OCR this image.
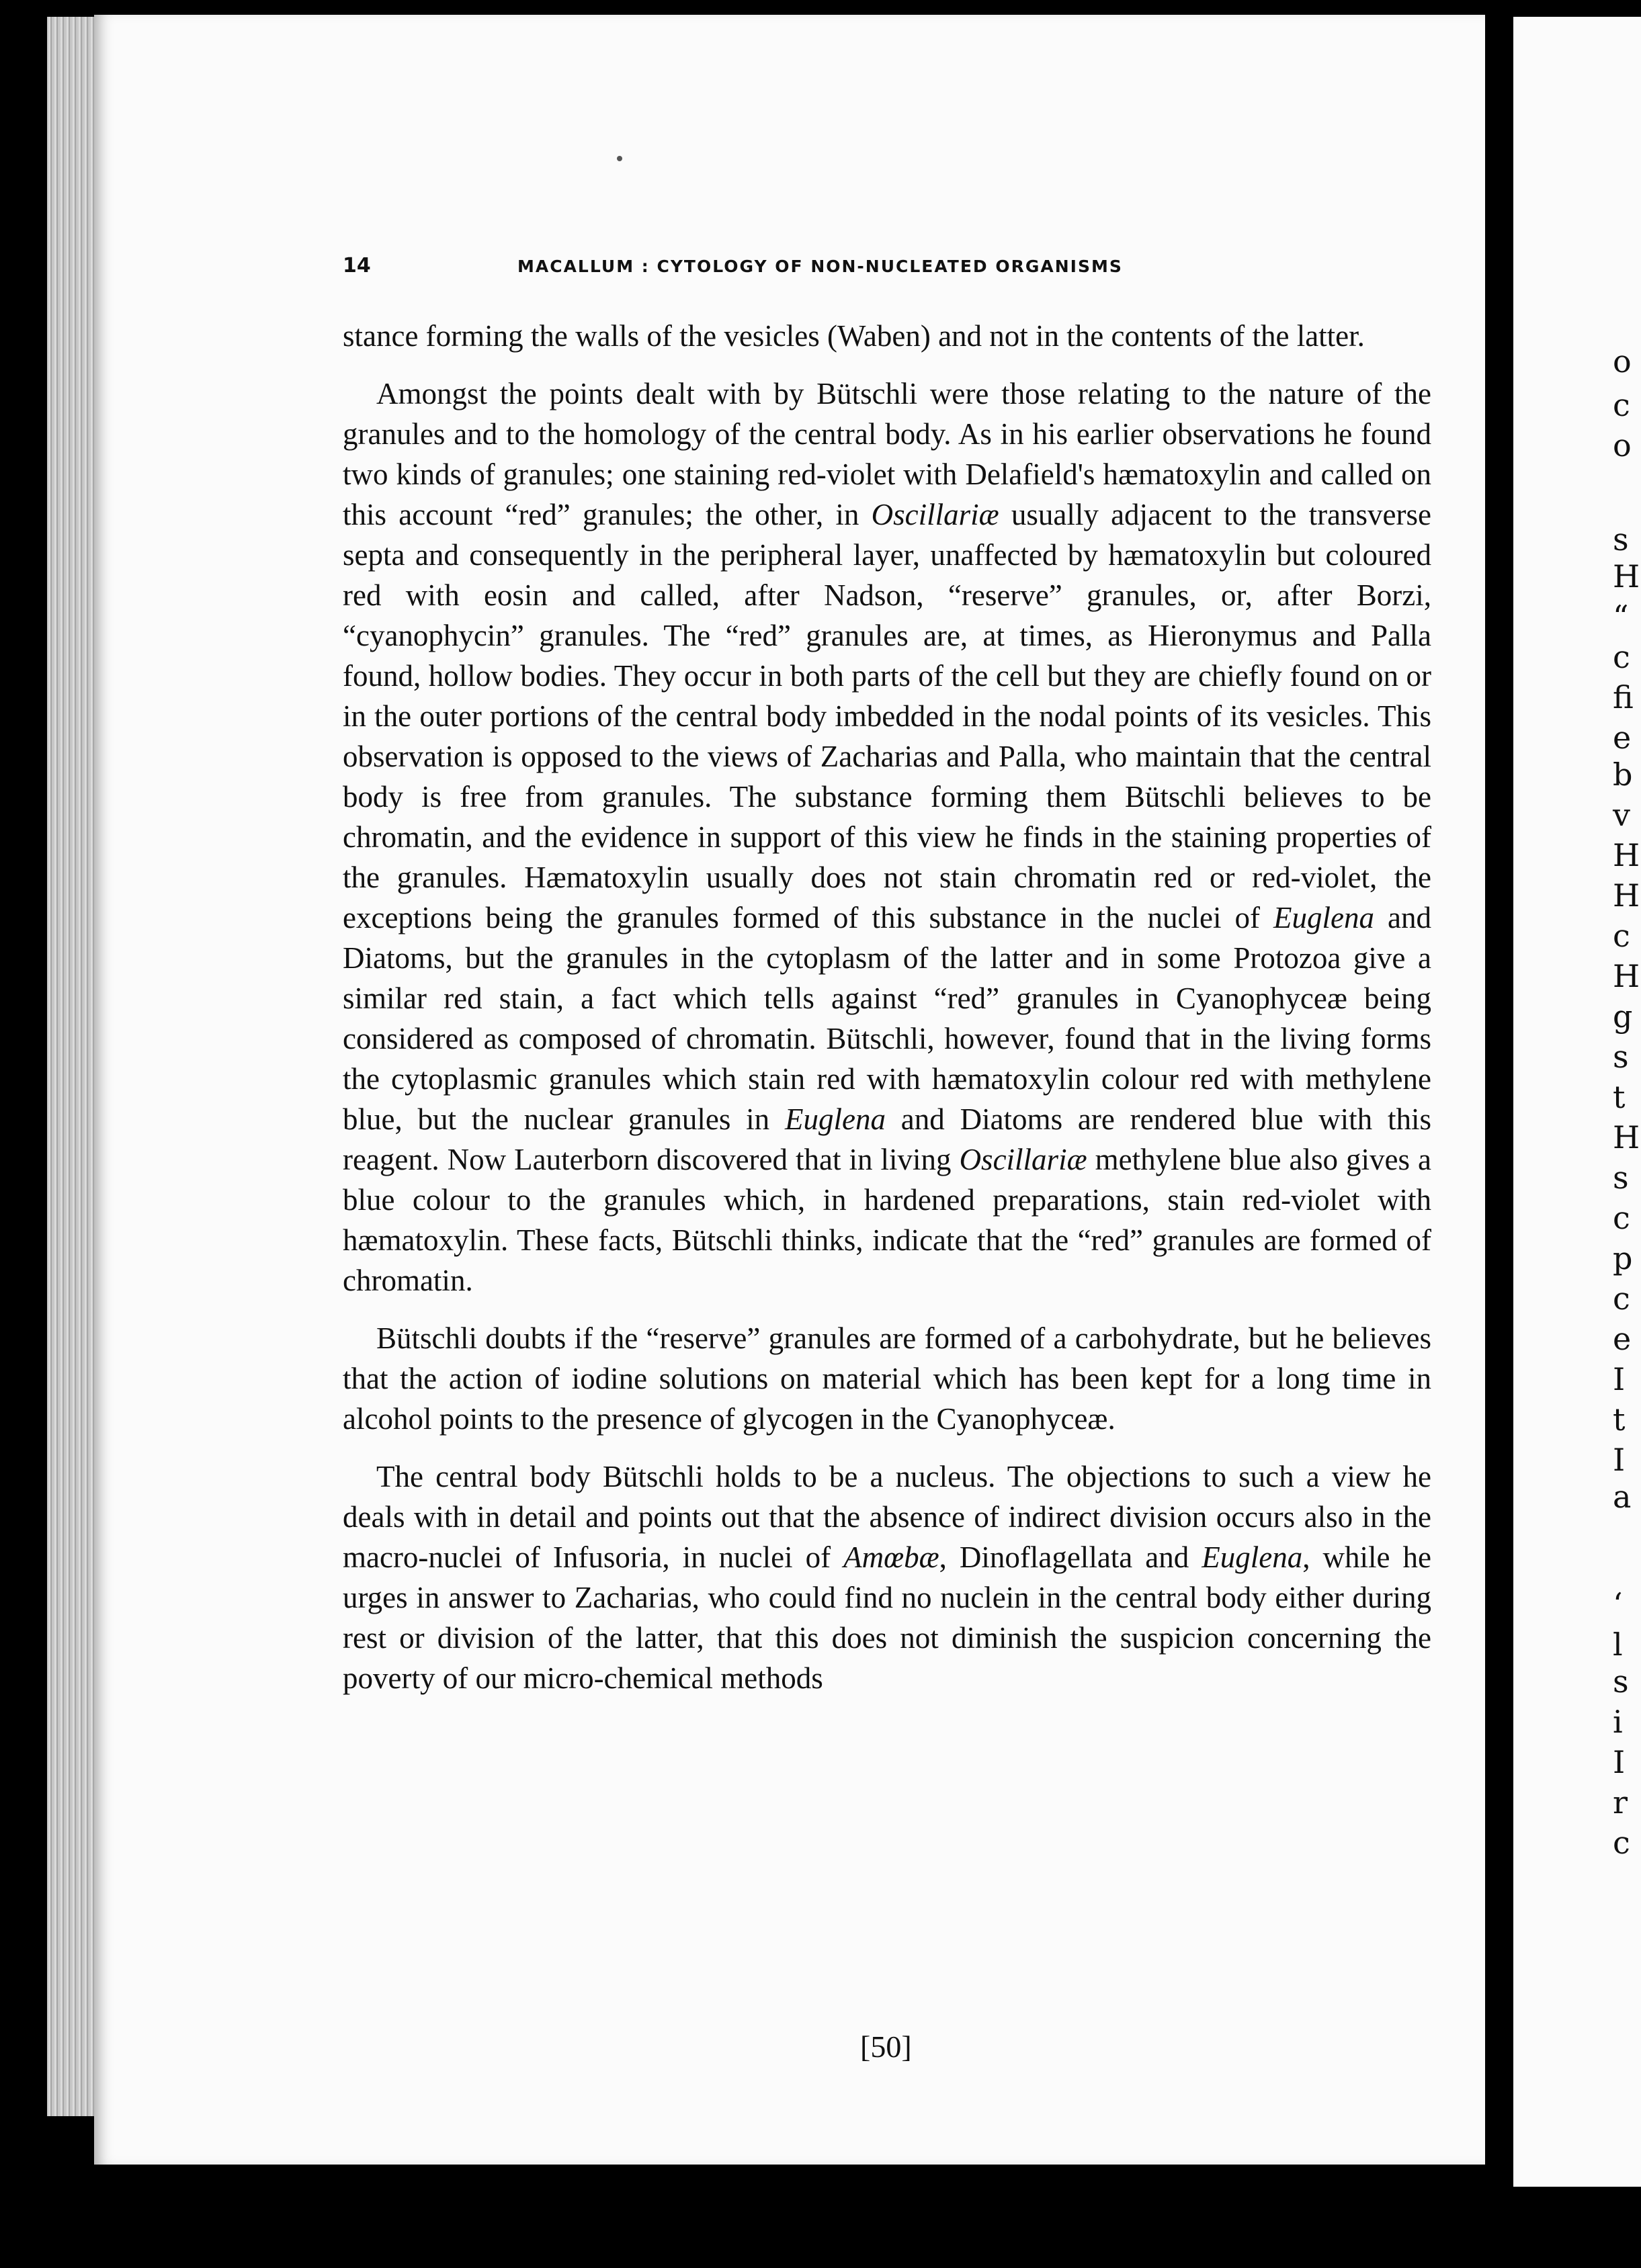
o
c
o
s
H
“
c
fi
e
b
v
H
H
c
H
g
s
t
H
s
c
p
c
e
I
t
I
a
‘
l
s
i
I
r
c
14	MACALLUM : CYTOLOGY OF NON-NUCLEATED ORGANISMS

stance forming the walls of the vesicles (Waben) and not in the contents of the latter.

Amongst the points dealt with by Bütschli were those relating to the nature of the granules and to the homology of the central body. As in his earlier observations he found two kinds of granules; one staining red-violet with Delafield's hæmatoxylin and called on this account “red” granules; the other, in Oscillariæ usually adjacent to the transverse septa and consequently in the peripheral layer, unaffected by hæmatoxylin but coloured red with eosin and called, after Nadson, “reserve” granules, or, after Borzi, “cyanophycin” granules. The “red” granules are, at times, as Hieronymus and Palla found, hollow bodies. They occur in both parts of the cell but they are chiefly found on or in the outer portions of the central body imbedded in the nodal points of its vesicles. This observation is opposed to the views of Zacharias and Palla, who maintain that the central body is free from granules. The substance forming them Bütschli believes to be chromatin, and the evidence in support of this view he finds in the staining properties of the granules. Hæmatoxylin usually does not stain chromatin red or red-violet, the exceptions being the granules formed of this substance in the nuclei of Euglena and Diatoms, but the granules in the cytoplasm of the latter and in some Protozoa give a similar red stain, a fact which tells against “red” granules in Cyanophyceæ being considered as composed of chromatin. Bütschli, however, found that in the living forms the cytoplasmic granules which stain red with hæmatoxylin colour red with methylene blue, but the nuclear granules in Euglena and Diatoms are rendered blue with this reagent. Now Lauterborn discovered that in living Oscillariæ methylene blue also gives a blue colour to the granules which, in hardened preparations, stain red-violet with hæmatoxylin. These facts, Bütschli thinks, indicate that the “red” granules are formed of chromatin.

Bütschli doubts if the “reserve” granules are formed of a carbohydrate, but he believes that the action of iodine solutions on material which has been kept for a long time in alcohol points to the presence of glycogen in the Cyanophyceæ.

The central body Bütschli holds to be a nucleus. The objections to such a view he deals with in detail and points out that the absence of indirect division occurs also in the macro-nuclei of Infusoria, in nuclei of Amœbæ, Dinoflagellata and Euglena, while he urges in answer to Zacharias, who could find no nuclein in the central body either during rest or division of the latter, that this does not diminish the suspicion concerning the poverty of our micro-chemical methods

[50]
